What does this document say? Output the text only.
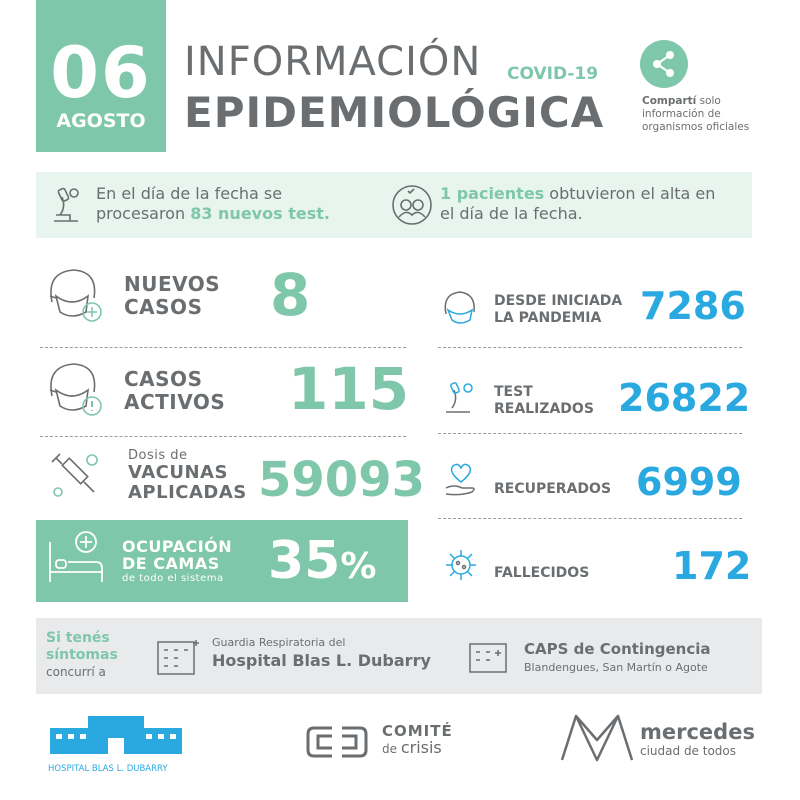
06
AGOSTO
INFORMACIÓN COVID-19
EPIDEMIOLÓGICA	Compartí solo
información de
organismos oficiales
En el día de la fecha se
procesaron 83 nuevos test.
1 pacientes obtuvieron el alta en
el día de la fecha.
NUEVOS
CASOS	8
CASOS
ACTIVOS 115
Dosis de
VACUNAS
APLICADAS 59093
OCUPACIÓN
DE CAMAS
de todo el sistema 35%
DESDE INICIADA
LA PANDEMIA	7286
TEST
REALIZADOS 26822
RECUPERADOS 6999
FALLECIDOS 172
Si tenés
síntomas
concurrí a
Guardia Respiratoria del
Hospital Blas L. Dubarry
CAPS de Contingencia
Blandengues, San Martín o Agote
HOSPITAL BLAS L. DUBARRY
COMITÉ
de crisis
mercedes
ciudad de todos
